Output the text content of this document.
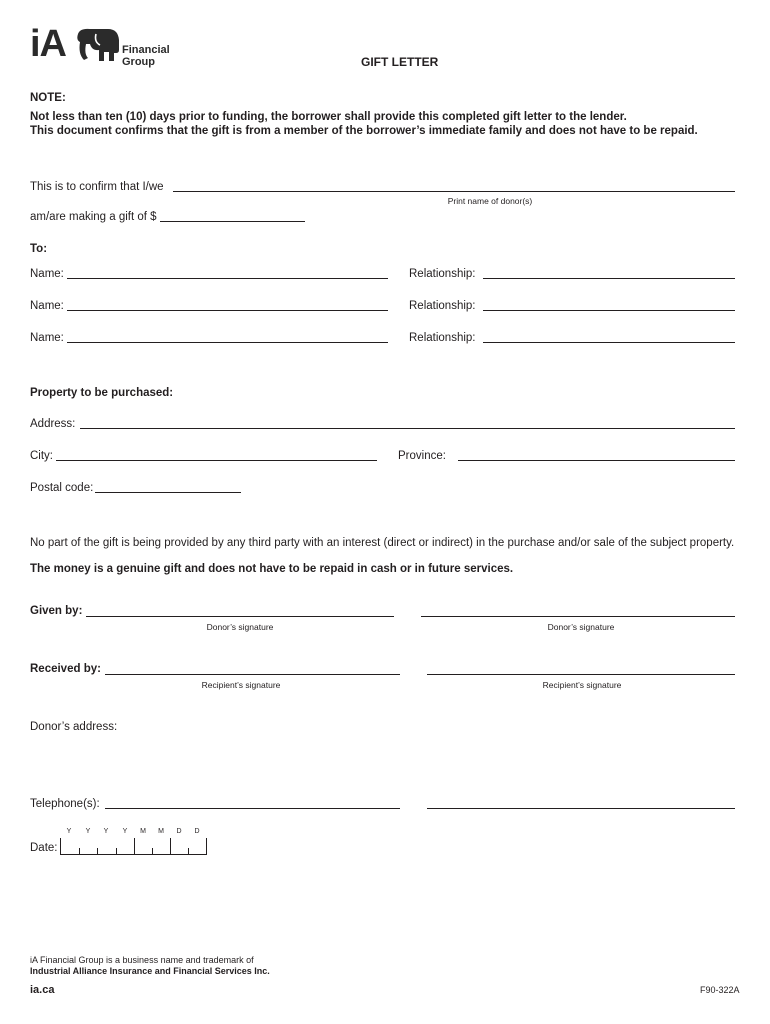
iA	Financial
Group	GIFT LETTER
NOTE:
Not less than ten (10) days prior to funding, the borrower shall provide this completed gift letter to the lender.
This document confirms that the gift is from a member of the borrower’s immediate family and does not have to be repaid.
This is to confirm that I/we
Print name of donor(s)
am/are making a gift of $
To:
Name:	Relationship:
Name:	Relationship:
Name:	Relationship:
Property to be purchased:
Address:
City:	Province:
Postal code:
No part of the gift is being provided by any third party with an interest (direct or indirect) in the purchase and/or sale of the subject property.
The money is a genuine gift and does not have to be repaid in cash or in future services.
Given by:
Donor’s signature	Donor’s signature
Received by:
Recipient’s signature	Recipient’s signature
Donor’s address:
Telephone(s):
Date:
Y	Y	Y	Y	M	M	D	D
iA Financial Group is a business name and trademark of
Industrial Alliance Insurance and Financial Services Inc.
ia.ca	F90-322A
